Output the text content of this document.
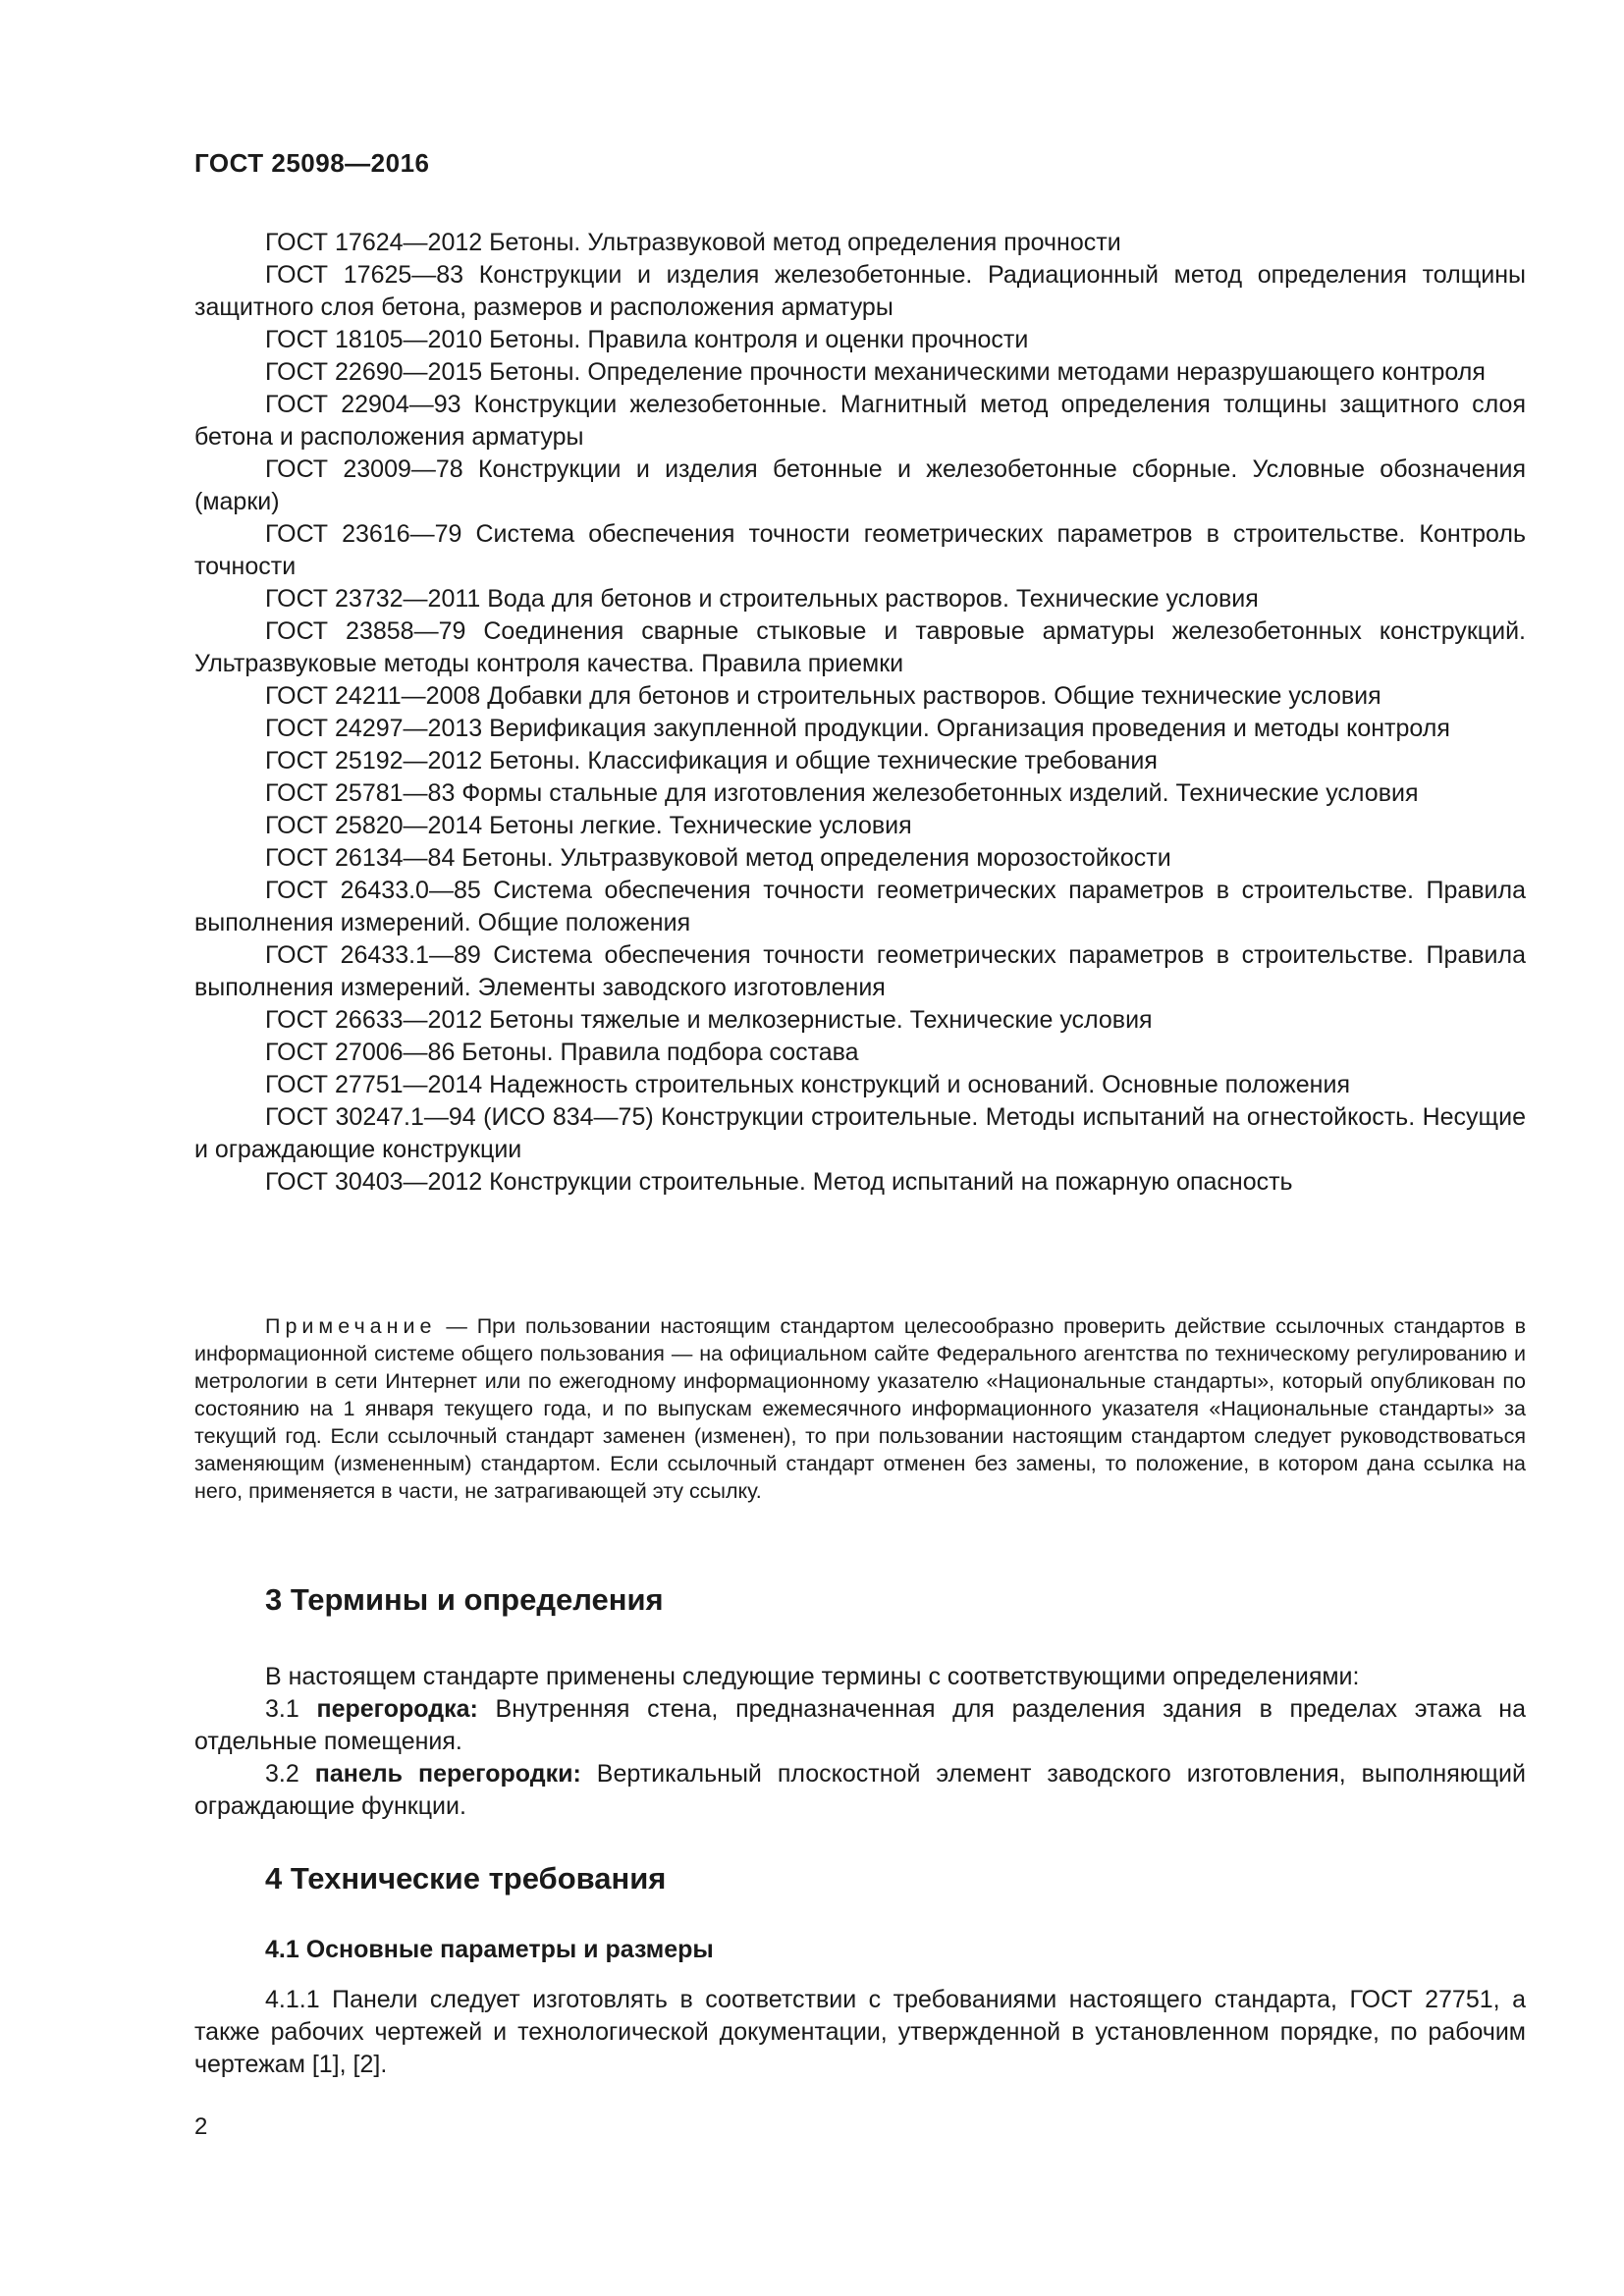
ГОСТ 25098—2016
ГОСТ 17624—2012 Бетоны. Ультразвуковой метод определения прочности
ГОСТ 17625—83 Конструкции и изделия железобетонные. Радиационный метод определения толщины защитного слоя бетона, размеров и расположения арматуры
ГОСТ 18105—2010 Бетоны. Правила контроля и оценки прочности
ГОСТ 22690—2015 Бетоны. Определение прочности механическими методами неразрушающего контроля
ГОСТ 22904—93 Конструкции железобетонные. Магнитный метод определения толщины защитного слоя бетона и расположения арматуры
ГОСТ 23009—78 Конструкции и изделия бетонные и железобетонные сборные. Условные обозначения (марки)
ГОСТ 23616—79 Система обеспечения точности геометрических параметров в строительстве. Контроль точности
ГОСТ 23732—2011 Вода для бетонов и строительных растворов. Технические условия
ГОСТ 23858—79 Соединения сварные стыковые и тавровые арматуры железобетонных конструкций. Ультразвуковые методы контроля качества. Правила приемки
ГОСТ 24211—2008 Добавки для бетонов и строительных растворов. Общие технические условия
ГОСТ 24297—2013 Верификация закупленной продукции. Организация проведения и методы контроля
ГОСТ 25192—2012 Бетоны. Классификация и общие технические требования
ГОСТ 25781—83 Формы стальные для изготовления железобетонных изделий. Технические условия
ГОСТ 25820—2014 Бетоны легкие. Технические условия
ГОСТ 26134—84 Бетоны. Ультразвуковой метод определения морозостойкости
ГОСТ 26433.0—85 Система обеспечения точности геометрических параметров в строительстве. Правила выполнения измерений. Общие положения
ГОСТ 26433.1—89 Система обеспечения точности геометрических параметров в строительстве. Правила выполнения измерений. Элементы заводского изготовления
ГОСТ 26633—2012 Бетоны тяжелые и мелкозернистые. Технические условия
ГОСТ 27006—86 Бетоны. Правила подбора состава
ГОСТ 27751—2014 Надежность строительных конструкций и оснований. Основные положения
ГОСТ 30247.1—94 (ИСО 834—75) Конструкции строительные. Методы испытаний на огнестойкость. Несущие и ограждающие конструкции
ГОСТ 30403—2012 Конструкции строительные. Метод испытаний на пожарную опасность
Примечание — При пользовании настоящим стандартом целесообразно проверить действие ссылочных стандартов в информационной системе общего пользования — на официальном сайте Федерального агентства по техническому регулированию и метрологии в сети Интернет или по ежегодному информационному указателю «Национальные стандарты», который опубликован по состоянию на 1 января текущего года, и по выпускам ежемесячного информационного указателя «Национальные стандарты» за текущий год. Если ссылочный стандарт заменен (изменен), то при пользовании настоящим стандартом следует руководствоваться заменяющим (измененным) стандартом. Если ссылочный стандарт отменен без замены, то положение, в котором дана ссылка на него, применяется в части, не затрагивающей эту ссылку.
3 Термины и определения
В настоящем стандарте применены следующие термины с соответствующими определениями:
3.1 перегородка: Внутренняя стена, предназначенная для разделения здания в пределах этажа на отдельные помещения.
3.2 панель перегородки: Вертикальный плоскостной элемент заводского изготовления, выполняющий ограждающие функции.
4 Технические требования
4.1 Основные параметры и размеры
4.1.1 Панели следует изготовлять в соответствии с требованиями настоящего стандарта, ГОСТ 27751, а также рабочих чертежей и технологической документации, утвержденной в установленном порядке, по рабочим чертежам [1], [2].
2
